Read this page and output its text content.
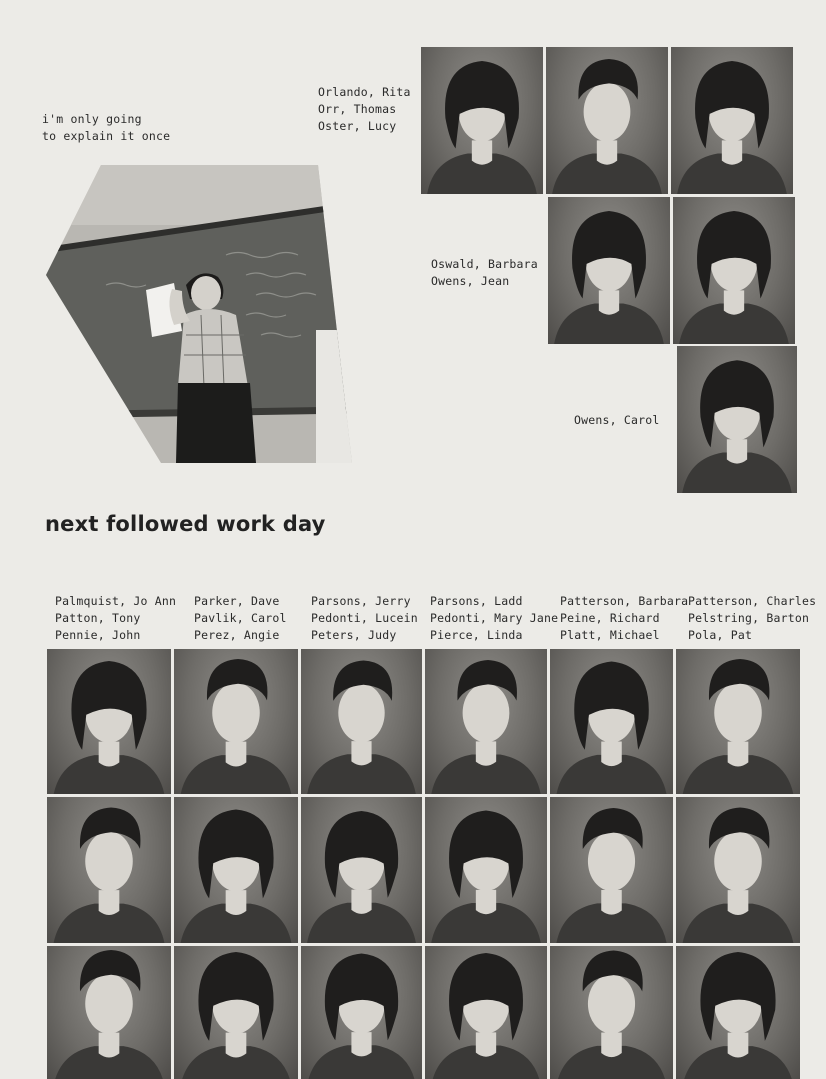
i'm only going
to explain it once
Orlando, Rita
Orr, Thomas
Oster, Lucy
Oswald, Barbara
Owens, Jean
Owens, Carol
next followed work day
Palmquist, Jo Ann
Patton, Tony
Pennie, John
Parker, Dave
Pavlik, Carol
Perez, Angie
Parsons, Jerry
Pedonti, Lucein
Peters, Judy
Parsons, Ladd
Pedonti, Mary Jane
Pierce, Linda
Patterson, Barbara
Peine, Richard
Platt, Michael
Patterson, Charles
Pelstring, Barton
Pola, Pat
